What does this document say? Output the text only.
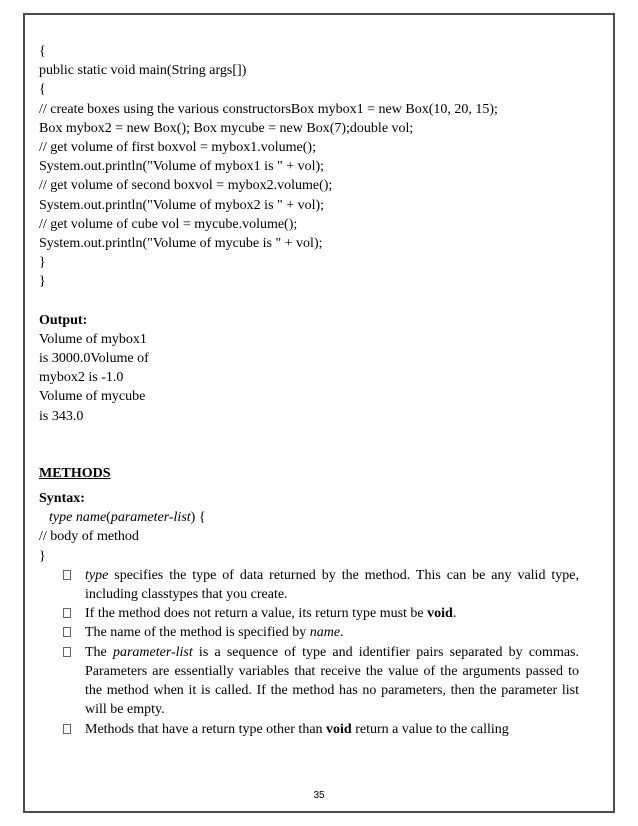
{
public static void main(String args[])
{
// create boxes using the various constructorsBox mybox1 = new Box(10, 20, 15);
Box mybox2 = new Box(); Box mycube = new Box(7);double vol;
// get volume of first boxvol = mybox1.volume();
System.out.println("Volume of mybox1 is " + vol);
// get volume of second boxvol = mybox2.volume();
System.out.println("Volume of mybox2 is " + vol);
// get volume of cube vol = mycube.volume();
System.out.println("Volume of mycube is " + vol);
}
}
Output:
Volume of mybox1
is 3000.0Volume of
mybox2 is -1.0
Volume of mycube
is 343.0
METHODS
Syntax:
type name(parameter-list) {
// body of method
}
type specifies the type of data returned by the method. This can be any valid type, including classtypes that you create.
If the method does not return a value, its return type must be void.
The name of the method is specified by name.
The parameter-list is a sequence of type and identifier pairs separated by commas. Parameters are essentially variables that receive the value of the arguments passed to the method when it is called. If the method has no parameters, then the parameter list will be empty.
Methods that have a return type other than void return a value to the calling
35
